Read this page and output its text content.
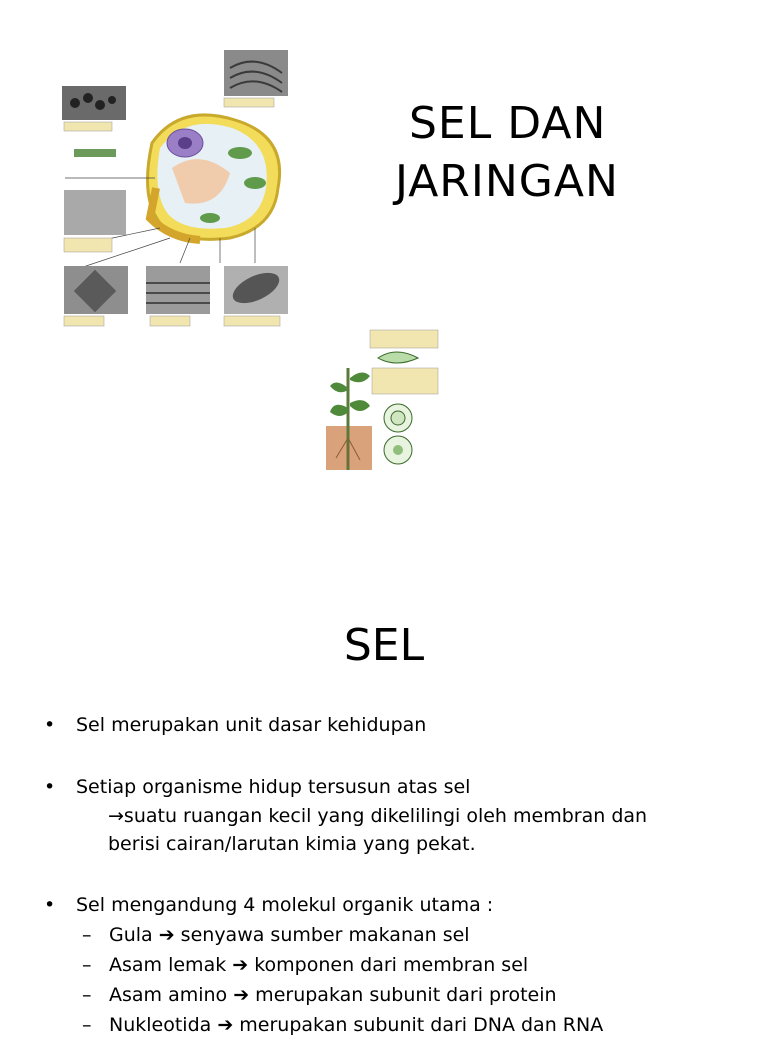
SEL DAN
JARINGAN
SEL

• Sel merupakan unit dasar kehidupan

• Setiap organisme hidup tersusun atas sel

→suatu ruangan kecil yang dikelilingi oleh membran dan

berisi cairan/larutan kimia yang pekat.

• Sel mengandung 4 molekul organik utama :

– Gula ➔ senyawa sumber makanan sel

– Asam lemak ➔ komponen dari membran sel

– Asam amino ➔ merupakan subunit dari protein

– Nukleotida ➔ merupakan subunit dari DNA dan RNA
